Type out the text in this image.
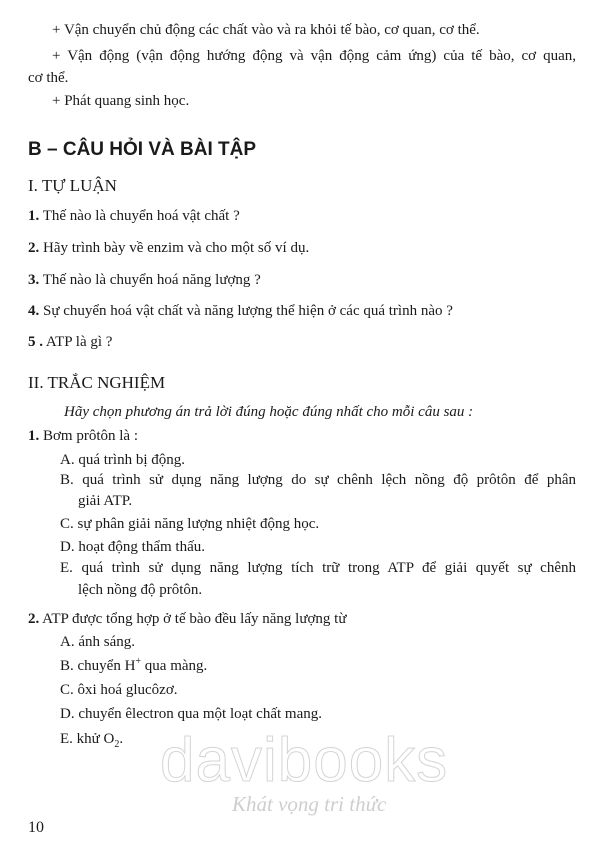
+ Vận chuyển chủ động các chất vào và ra khỏi tế bào, cơ quan, cơ thể.
+ Vận động (vận động hướng động và vận động cảm ứng) của tế bào, cơ quan,
cơ thể.
+ Phát quang sinh học.
B – CÂU HỎI VÀ BÀI TẬP
I. TỰ LUẬN
1. Thế nào là chuyển hoá vật chất ?
2. Hãy trình bày về enzim và cho một số ví dụ.
3. Thế nào là chuyển hoá năng lượng ?
4. Sự chuyển hoá vật chất và năng lượng thể hiện ở các quá trình nào ?
5 . ATP là gì ?
II. TRẮC NGHIỆM
Hãy chọn phương án trả lời đúng hoặc đúng nhất cho mỗi câu sau :
1. Bơm prôtôn là :
A. quá trình bị động.
B. quá trình sử dụng năng lượng do sự chênh lệch nồng độ prôtôn để phân
giải ATP.
C. sự phân giải năng lượng nhiệt động học.
D. hoạt động thẩm thấu.
E. quá trình sử dụng năng lượng tích trữ trong ATP để giải quyết sự chênh
lệch nồng độ prôtôn.
2. ATP được tổng hợp ở tế bào đều lấy năng lượng từ
A. ánh sáng.
B. chuyển H+ qua màng.
C. ôxi hoá glucôzơ.
D. chuyển êlectron qua một loạt chất mang.
E. khử $O_2$. davibooks
Khát vọng tri thức
10
